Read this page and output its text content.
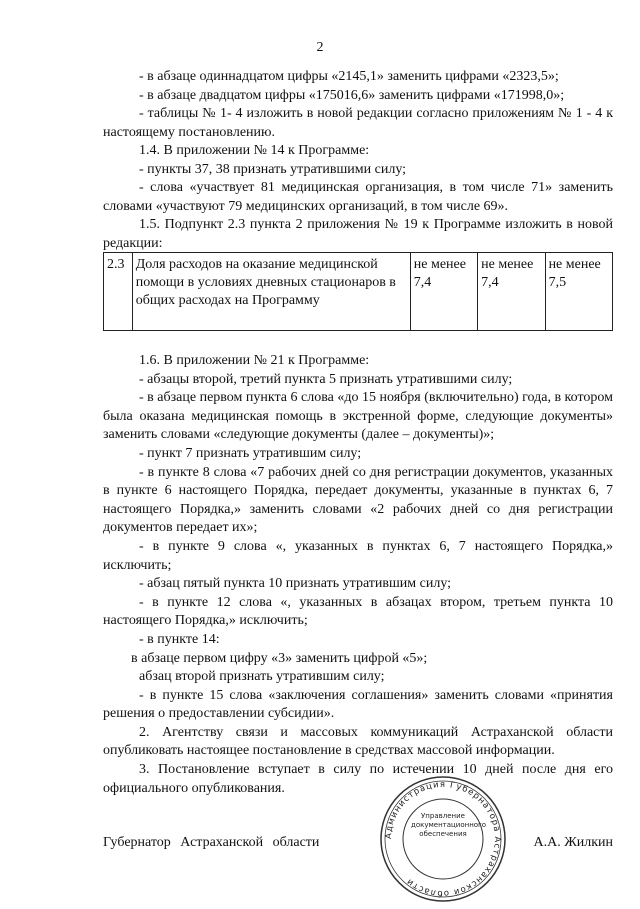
2

- в абзаце одиннадцатом цифры «2145,1» заменить цифрами «2323,5»;

- в абзаце двадцатом цифры «175016,6» заменить цифрами «171998,0»;

- таблицы № 1- 4 изложить в новой редакции согласно приложениям № 1 - 4 к настоящему постановлению.

1.4. В приложении № 14 к Программе:

- пункты 37, 38 признать утратившими силу;

- слова «участвует 81 медицинская организация, в том числе 71» заменить словами «участвуют 79 медицинских организаций, в том числе 69».

1.5. Подпункт 2.3 пункта 2 приложения № 19 к Программе изложить в новой редакции:

2.3	Доля расходов на оказание медицинской помощи в условиях дневных стационаров в общих расходах на Программу	не менее 7,4	не менее 7,4	не менее 7,5

1.6. В приложении № 21 к Программе:

- абзацы второй, третий пункта 5 признать утратившими силу;

- в абзаце первом пункта 6 слова «до 15 ноября (включительно) года, в котором была оказана медицинская помощь в экстренной форме, следующие документы» заменить словами «следующие документы (далее – документы)»;

- пункт 7 признать утратившим силу;

- в пункте 8 слова «7 рабочих дней со дня регистрации документов, указанных в пункте 6 настоящего Порядка, передает документы, указанные в пунктах 6, 7 настоящего Порядка,» заменить словами «2 рабочих дней со дня регистрации документов передает их»;

- в пункте 9 слова «, указанных в пунктах 6, 7 настоящего Порядка,» исключить;

- абзац пятый пункта 10 признать утратившим силу;

- в пункте 12 слова «, указанных в абзацах втором, третьем пункта 10 настоящего Порядка,» исключить;

- в пункте 14:

в абзаце первом цифру «3» заменить цифрой «5»;

абзац второй признать утратившим силу;

- в пункте 15 слова «заключения соглашения» заменить словами «принятия решения о предоставлении субсидии».

2. Агентству связи и массовых коммуникаций Астраханской области опубликовать настоящее постановление в средствах массовой информации.

3. Постановление вступает в силу по истечении 10 дней после дня его официального опубликования.

Администрация Губернатора Астраханской области
Управление документационного обеспечения
Губернатор Астраханской области	А.А. Жилкин
